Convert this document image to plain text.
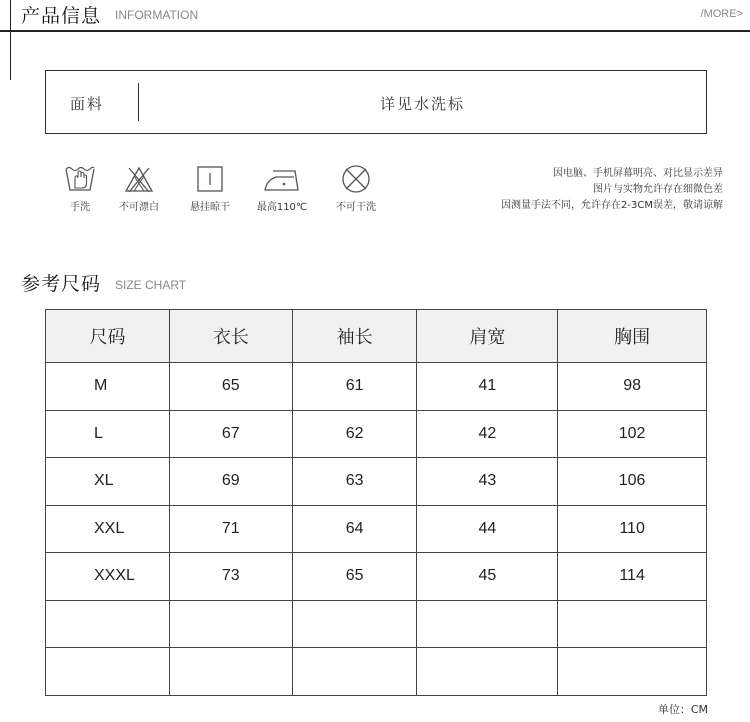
产品信息 INFORMATION	/MORE>
面料	详见水洗标
手洗	不可漂白	悬挂晾干	最高110℃	不可干洗
因电脑、手机屏幕明亮、对比显示差异
图片与实物允许存在细微色差
因测量手法不同，允许存在2-3CM误差，敬请谅解
参考尺码 SIZE CHART
尺码	衣长	袖长	肩宽	胸围
M	65	61	41	98
L	67	62	42	102
XL	69	63	43	106
XXL	71	64	44	110
XXXL	73	65	45	114

单位：CM
